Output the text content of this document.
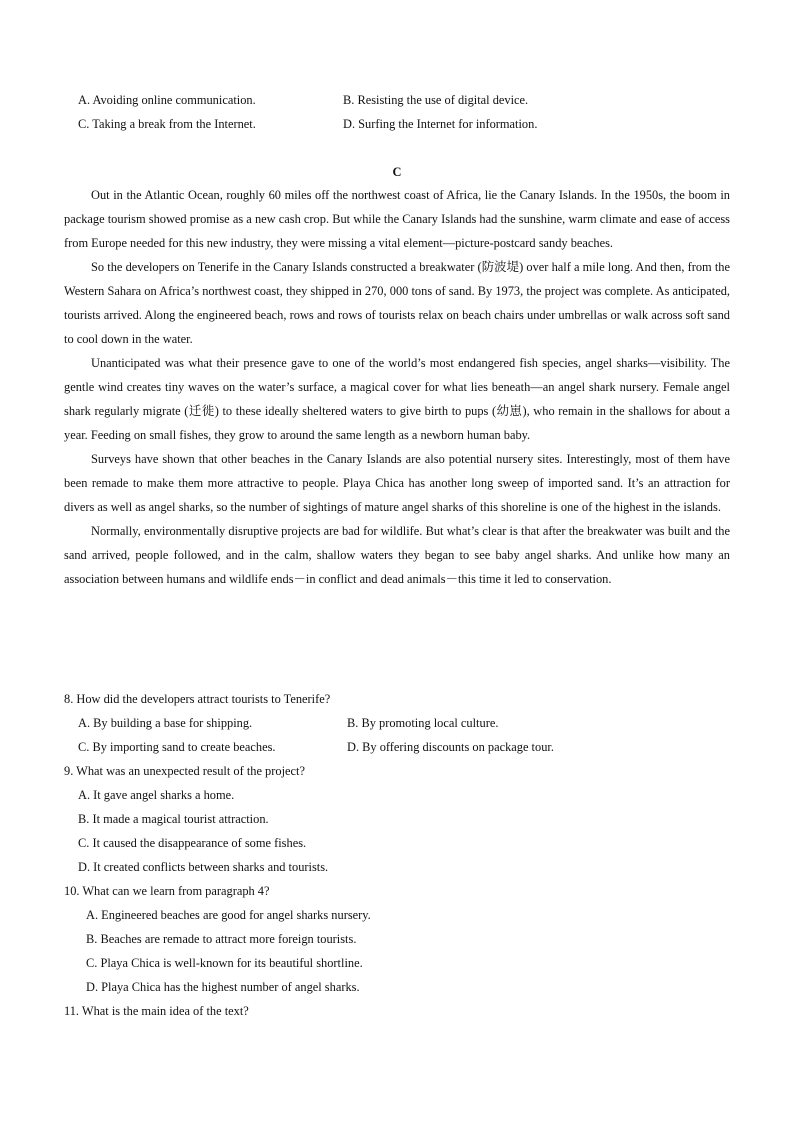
A. Avoiding online communication.	B. Resisting the use of digital device.
C. Taking a break from the Internet.	D. Surfing the Internet for information.
C

Out in the Atlantic Ocean, roughly 60 miles off the northwest coast of Africa, lie the Canary Islands. In the 1950s, the boom in package tourism showed promise as a new cash crop. But while the Canary Islands had the sunshine, warm climate and ease of access from Europe needed for this new industry, they were missing a vital element—picture-postcard sandy beaches.

So the developers on Tenerife in the Canary Islands constructed a breakwater (防波堤) over half a mile long. And then, from the Western Sahara on Africa’s northwest coast, they shipped in 270, 000 tons of sand. By 1973, the project was complete. As anticipated, tourists arrived. Along the engineered beach, rows and rows of tourists relax on beach chairs under umbrellas or walk across soft sand to cool down in the water.

Unanticipated was what their presence gave to one of the world’s most endangered fish species, angel sharks—visibility. The gentle wind creates tiny waves on the water’s surface, a magical cover for what lies beneath—an angel shark nursery. Female angel shark regularly migrate (迁徙) to these ideally sheltered waters to give birth to pups (幼崽), who remain in the shallows for about a year. Feeding on small fishes, they grow to around the same length as a newborn human baby.

Surveys have shown that other beaches in the Canary Islands are also potential nursery sites. Interestingly, most of them have been remade to make them more attractive to people. Playa Chica has another long sweep of imported sand. It’s an attraction for divers as well as angel sharks, so the number of sightings of mature angel sharks of this shoreline is one of the highest in the islands.

Normally, environmentally disruptive projects are bad for wildlife. But what’s clear is that after the breakwater was built and the sand arrived, people followed, and in the calm, shallow waters they began to see baby angel sharks. And unlike how many an association between humans and wildlife ends－in conflict and dead animals－this time it led to conservation.

8. How did the developers attract tourists to Tenerife?
A. By building a base for shipping.	B. By promoting local culture.
C. By importing sand to create beaches.	D. By offering discounts on package tour.
9. What was an unexpected result of the project?
A. It gave angel sharks a home.
B. It made a magical tourist attraction.
C. It caused the disappearance of some fishes.
D. It created conflicts between sharks and tourists.
10. What can we learn from paragraph 4?
A. Engineered beaches are good for angel sharks nursery.
B. Beaches are remade to attract more foreign tourists.
C. Playa Chica is well-known for its beautiful shortline.
D. Playa Chica has the highest number of angel sharks.
11. What is the main idea of the text?
